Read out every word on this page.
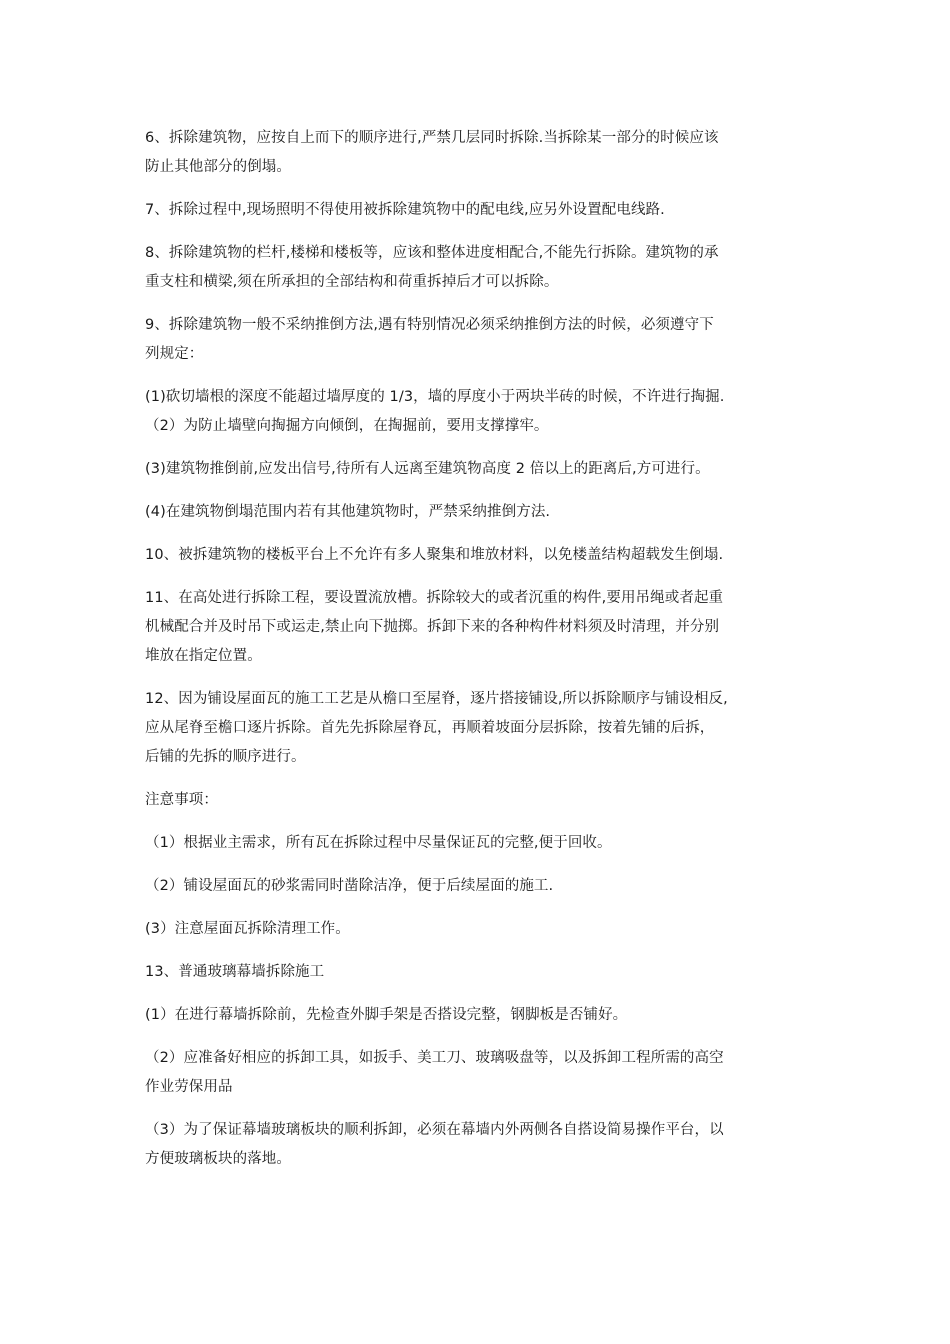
6、拆除建筑物，应按自上而下的顺序进行,严禁几层同时拆除.当拆除某一部分的时候应该
防止其他部分的倒塌。

7、拆除过程中,现场照明不得使用被拆除建筑物中的配电线,应另外设置配电线路.

8、拆除建筑物的栏杆,楼梯和楼板等，应该和整体进度相配合,不能先行拆除。建筑物的承
重支柱和横梁,须在所承担的全部结构和荷重拆掉后才可以拆除。

9、拆除建筑物一般不采纳推倒方法,遇有特别情况必须采纳推倒方法的时候，必须遵守下
列规定：

(1)砍切墙根的深度不能超过墙厚度的 1/3，墙的厚度小于两块半砖的时候，不许进行掏掘.
（2）为防止墙壁向掏掘方向倾倒，在掏掘前，要用支撑撑牢。

(3)建筑物推倒前,应发出信号,待所有人远离至建筑物高度 2 倍以上的距离后,方可进行。

(4)在建筑物倒塌范围内若有其他建筑物时，严禁采纳推倒方法.

10、被拆建筑物的楼板平台上不允许有多人聚集和堆放材料，以免楼盖结构超载发生倒塌.

11、在高处进行拆除工程，要设置流放槽。拆除较大的或者沉重的构件,要用吊绳或者起重
机械配合并及时吊下或运走,禁止向下抛掷。拆卸下来的各种构件材料须及时清理，并分别
堆放在指定位置。

12、因为铺设屋面瓦的施工工艺是从檐口至屋脊，逐片搭接铺设,所以拆除顺序与铺设相反,
应从尾脊至檐口逐片拆除。首先先拆除屋脊瓦，再顺着坡面分层拆除，按着先铺的后拆，
后铺的先拆的顺序进行。

注意事项：

（1）根据业主需求，所有瓦在拆除过程中尽量保证瓦的完整,便于回收。

（2）铺设屋面瓦的砂浆需同时凿除洁净，便于后续屋面的施工.

(3）注意屋面瓦拆除清理工作。

13、普通玻璃幕墙拆除施工

(1）在进行幕墙拆除前，先检查外脚手架是否搭设完整，钢脚板是否铺好。

（2）应准备好相应的拆卸工具，如扳手、美工刀、玻璃吸盘等，以及拆卸工程所需的高空
作业劳保用品

（3）为了保证幕墙玻璃板块的顺利拆卸，必须在幕墙内外两侧各自搭设简易操作平台，以
方便玻璃板块的落地。
